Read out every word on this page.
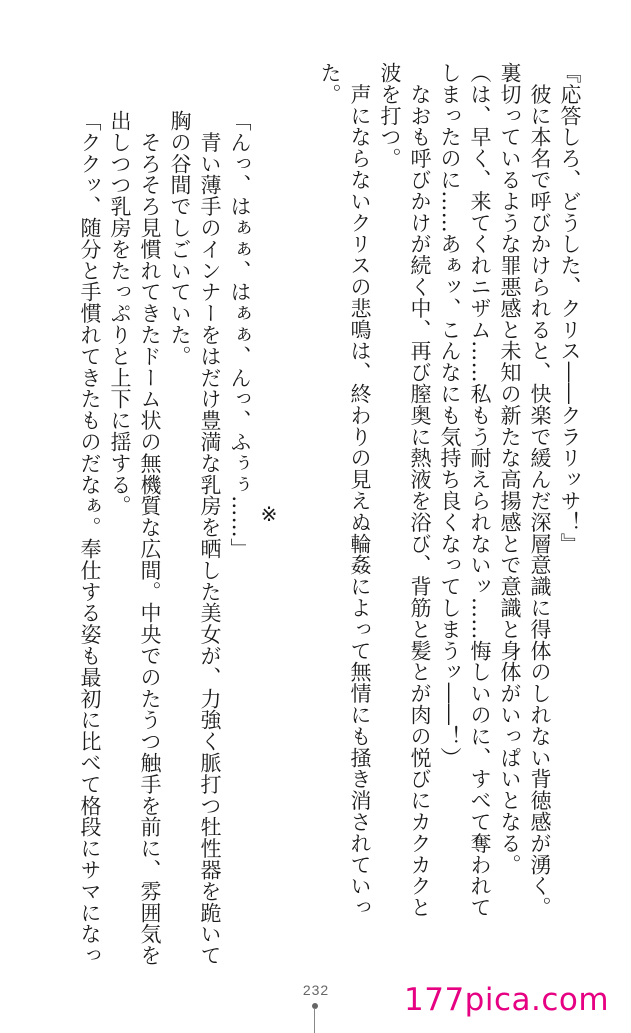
『応答しろ、どうした、クリス――クラリッサ！』
　彼に本名で呼びかけられると、快楽で緩んだ深層意識に得体のしれない背徳感が湧く。
裏切っているような罪悪感と未知の新たな高揚感とで意識と身体がいっぱいとなる。
（は、早く、来てくれニザム……私もう耐えられないッ……悔しいのに、すべて奪われて
しまったのに……あぁッ、こんなにも気持ち良くなってしまうッ――！）
　なおも呼びかけが続く中、再び膣奥に熱液を浴び、背筋と髪とが肉の悦びにカクカクと
波を打つ。
　声にならないクリスの悲鳴は、終わりの見えぬ輪姦によって無情にも掻き消されていっ
た。
※
「んっ、はぁぁ、はぁぁ、んっ、ふぅぅ……」
　青い薄手のインナーをはだけ豊満な乳房を晒した美女が、力強く脈打つ牡性器を跪いて
胸の谷間でしごいていた。
　そろそろ見慣れてきたドーム状の無機質な広間。中央でのたうつ触手を前に、雰囲気を
出しつつ乳房をたっぷりと上下に揺する。
「ククッ、随分と手慣れてきたものだなぁ。奉仕する姿も最初に比べて格段にサマになっ
232 177pica.com
